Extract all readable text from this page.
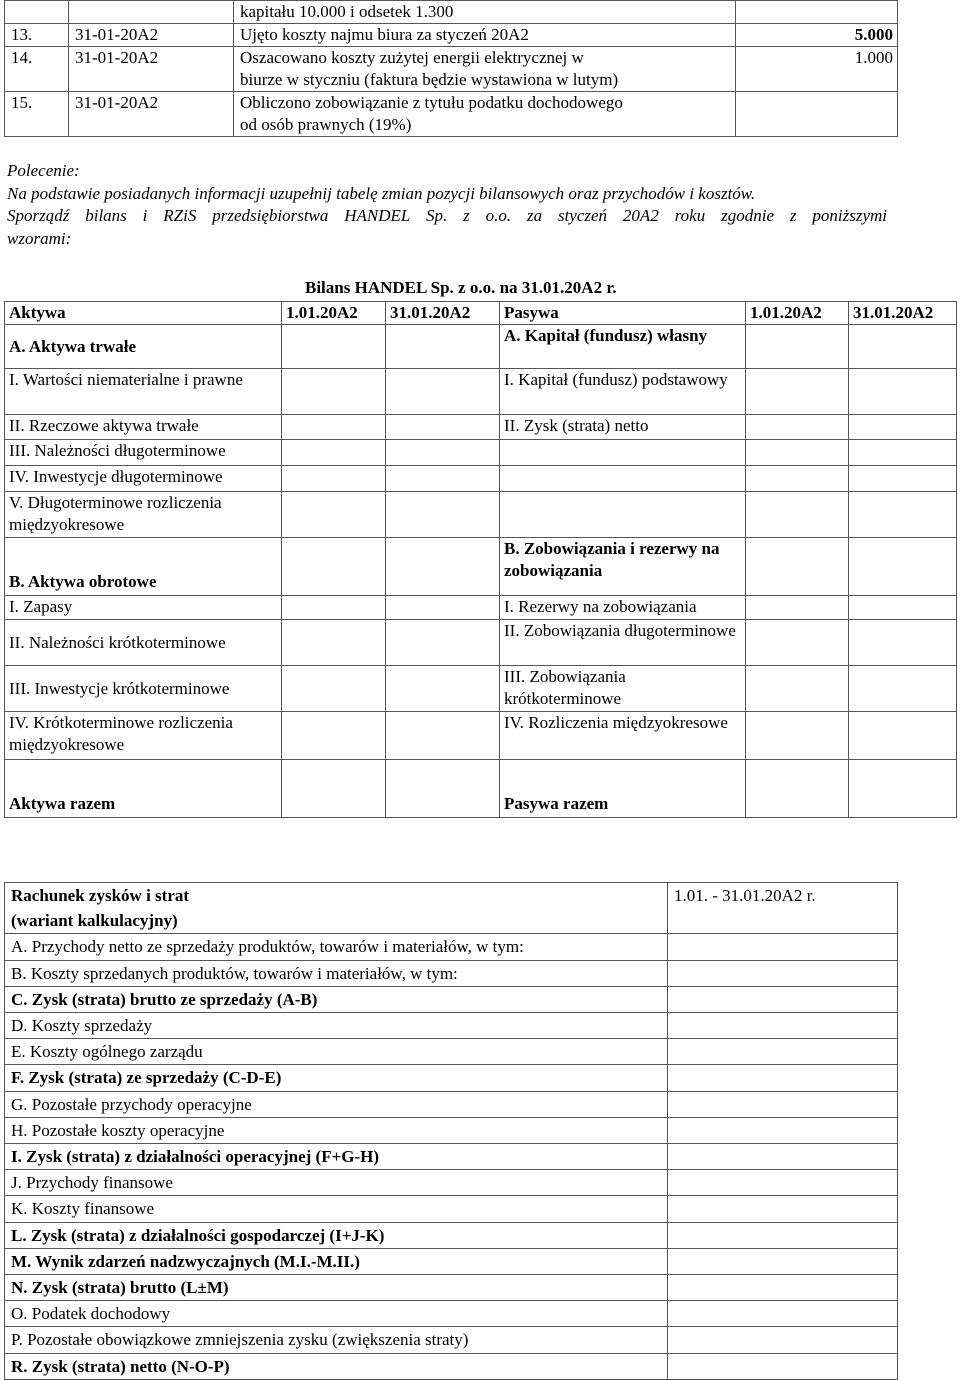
		kapitału 10.000 i odsetek 1.300	

13.	31-01-20A2	Ujęto koszty najmu biura za styczeń 20A2	5.000
14.	31-01-20A2	Oszacowano koszty zużytej energii elektrycznej w
biurze w styczniu (faktura będzie wystawiona w lutym)	1.000
15.	31-01-20A2	Obliczono zobowiązanie z tytułu podatku dochodowego
od osób prawnych (19%)	

Polecenie:
Na podstawie posiadanych informacji uzupełnij tabelę zmian pozycji bilansowych oraz przychodów i kosztów.
Sporządź bilans i RZiS przedsiębiorstwa HANDEL Sp. z o.o. za styczeń 20A2 roku zgodnie z poniższymi
wzorami:
Bilans HANDEL Sp. z o.o. na 31.01.20A2 r.
Aktywa	1.01.20A2	31.01.20A2	Pasywa	1.01.20A2	31.01.20A2
A. Aktywa trwałe			A. Kapitał (fundusz) własny		
I. Wartości niematerialne i prawne			I. Kapitał (fundusz) podstawowy		
II. Rzeczowe aktywa trwałe			II. Zysk (strata) netto		
III. Należności długoterminowe					
IV. Inwestycje długoterminowe					
V. Długoterminowe rozliczenia międzyokresowe					
B. Aktywa obrotowe			B. Zobowiązania i rezerwy na zobowiązania		
I. Zapasy			I. Rezerwy na zobowiązania		
II. Należności krótkoterminowe			II. Zobowiązania długoterminowe		
III. Inwestycje krótkoterminowe			III. Zobowiązania krótkoterminowe		
IV. Krótkoterminowe rozliczenia międzyokresowe			IV. Rozliczenia międzyokresowe		
Aktywa razem			Pasywa razem		
Rachunek zysków i strat
(wariant kalkulacyjny)	1.01. - 31.01.20A2 r.
A. Przychody netto ze sprzedaży produktów, towarów i materiałów, w tym:	
B. Koszty sprzedanych produktów, towarów i materiałów, w tym:	
C. Zysk (strata) brutto ze sprzedaży (A-B)	
D. Koszty sprzedaży	
E. Koszty ogólnego zarządu	
F. Zysk (strata) ze sprzedaży (C-D-E)	
G. Pozostałe przychody operacyjne	
H. Pozostałe koszty operacyjne	
I. Zysk (strata) z działalności operacyjnej (F+G-H)	
J. Przychody finansowe	
K. Koszty finansowe	
L. Zysk (strata) z działalności gospodarczej (I+J-K)	
M. Wynik zdarzeń nadzwyczajnych (M.I.-M.II.)	
N. Zysk (strata) brutto (L±M)	
O. Podatek dochodowy	
P. Pozostałe obowiązkowe zmniejszenia zysku (zwiększenia straty)	
R. Zysk (strata) netto (N-O-P)	
